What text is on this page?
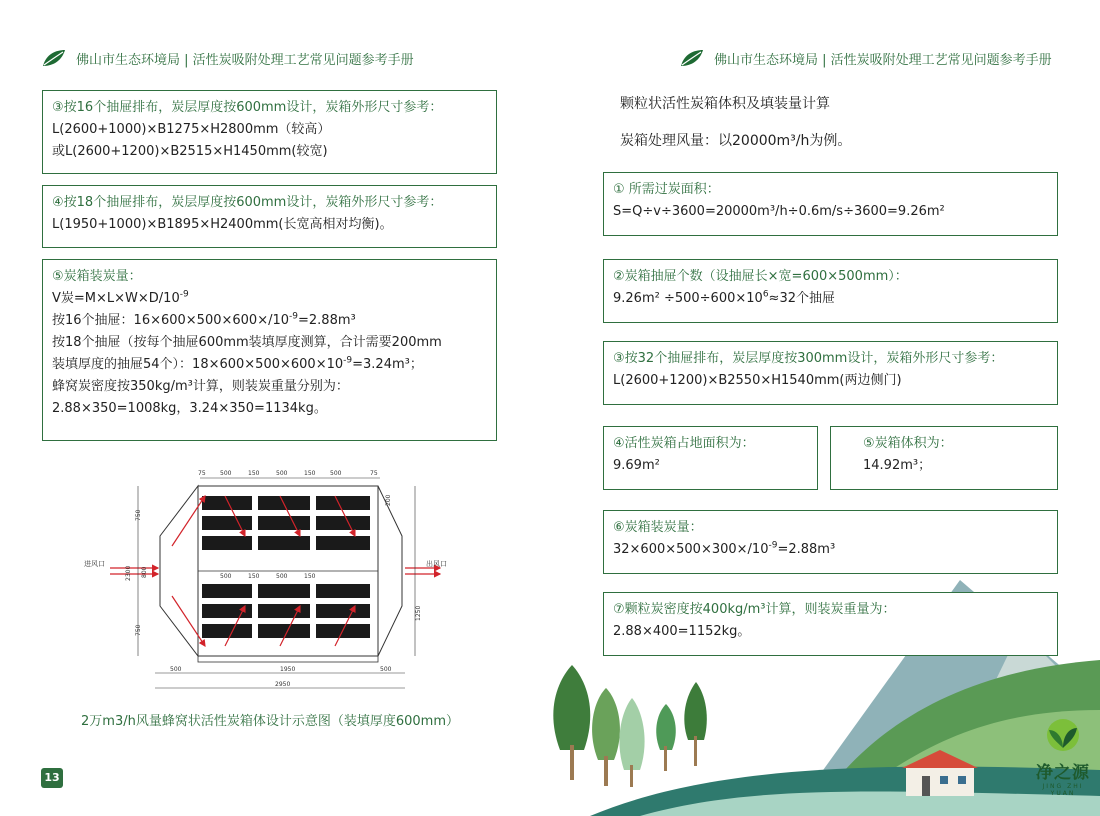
佛山市生态环境局 | 活性炭吸附处理工艺常见问题参考手册

③按16个抽屉排布，炭层厚度按600mm设计，炭箱外形尺寸参考：

L(2600+1000)×B1275×H2800mm（较高）

或L(2600+1200)×B2515×H1450mm(较宽)

④按18个抽屉排布，炭层厚度按600mm设计，炭箱外形尺寸参考：

L(1950+1000)×B1895×H2400mm(长宽高相对均衡)。

⑤炭箱装炭量：

V炭$=M\times L\times W\times D/10^{-9}$

按16个抽屉：$16\times 600\times 500\times 600\times/10^{-9}=2.88m^3$

按18个抽屉（按每个抽屉600mm装填厚度测算，合计需要200mm

装填厚度的抽屉54个）：$18\times 600\times 500\times 600\times 10^{-9}=3.24m^3$；

蜂窝炭密度按350kg/m³计算，则装炭重量分别为：

2.88×350=1008kg，3.24×350=1134kg。

75 500	150	500	150 500	75
500	150	500	150
进风口	出风口
750
2300 800
750
1250
200
500	1950	500
2950
2万m3/h风量蜂窝状活性炭箱体设计示意图（装填厚度600mm）
13
佛山市生态环境局 | 活性炭吸附处理工艺常见问题参考手册
颗粒状活性炭箱体积及填装量计算
炭箱处理风量：以20000m³/h为例。

① 所需过炭面积：

S=Q÷v÷3600=20000m³/h÷0.6m/s÷3600=9.26m²

②炭箱抽屉个数（设抽屉长×宽=600×500mm）：

$9.26m^2 \div 500\div 600\times 10^6\approx 32$个抽屉

③按32个抽屉排布，炭层厚度按300mm设计，炭箱外形尺寸参考：

L(2600+1200)×B2550×H1540mm(两边侧门)

④活性炭箱占地面积为：

9.69m²

⑤炭箱体积为：

14.92m³；

⑥炭箱装炭量：

$32\times 600\times 500\times 300\times/10^{-9}=2.88m^3$

⑦颗粒炭密度按400kg/m³计算，则装炭重量为：

2.88×400=1152kg。

净之源
JING ZHI YUAN
